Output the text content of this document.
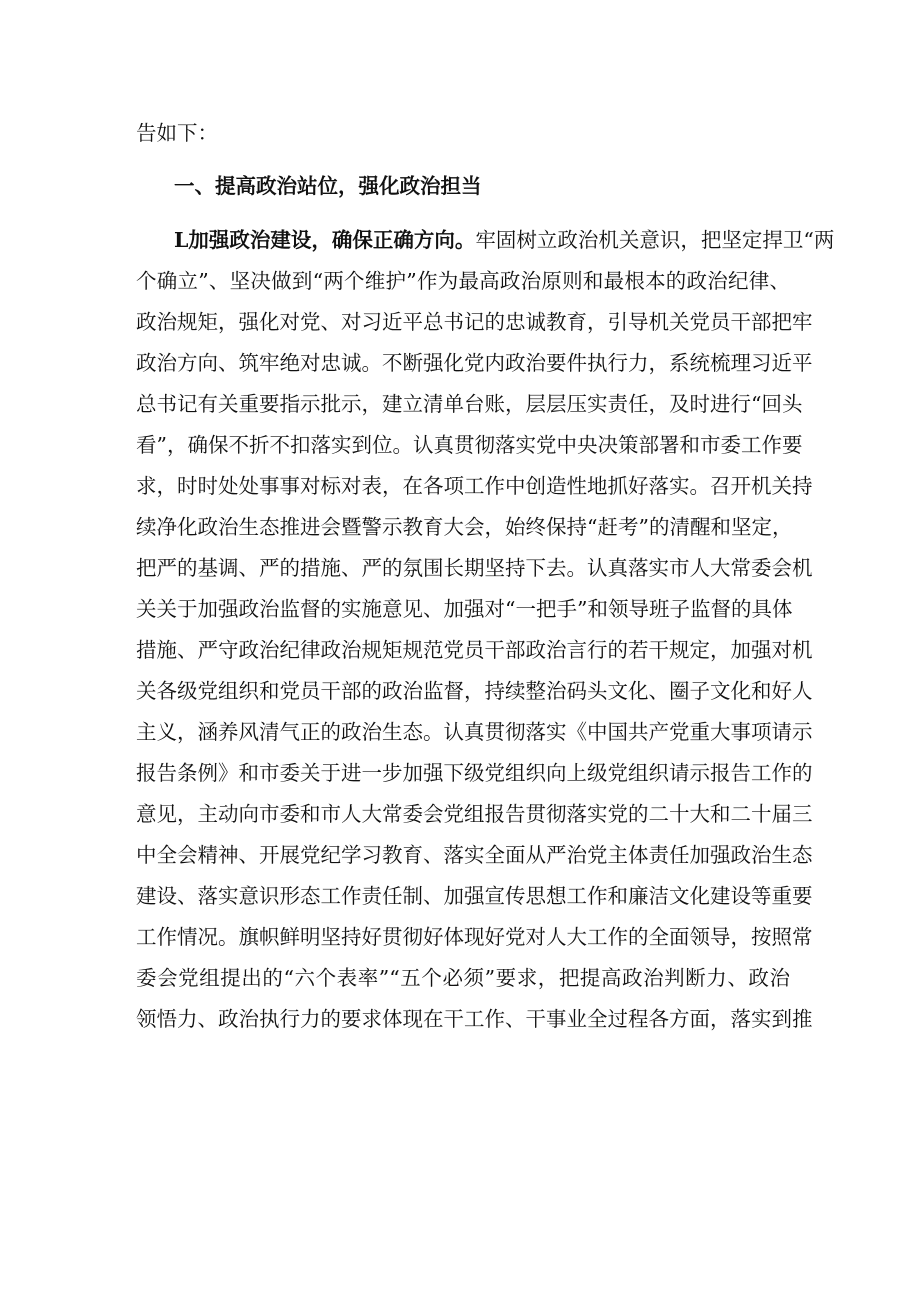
告如下：
一、提高政治站位，强化政治担当
L加强政治建设，确保正确方向。牢固树立政治机关意识，把坚定捍卫“两
个确立”、坚决做到“两个维护”作为最高政治原则和最根本的政治纪律、
政治规矩，强化对党、对习近平总书记的忠诚教育，引导机关党员干部把牢
政治方向、筑牢绝对忠诚。不断强化党内政治要件执行力，系统梳理习近平
总书记有关重要指示批示，建立清单台账，层层压实责任，及时进行“回头
看”，确保不折不扣落实到位。认真贯彻落实党中央决策部署和市委工作要
求，时时处处事事对标对表，在各项工作中创造性地抓好落实。召开机关持
续净化政治生态推进会暨警示教育大会，始终保持“赶考”的清醒和坚定，
把严的基调、严的措施、严的氛围长期坚持下去。认真落实市人大常委会机
关关于加强政治监督的实施意见、加强对“一把手”和领导班子监督的具体
措施、严守政治纪律政治规矩规范党员干部政治言行的若干规定，加强对机
关各级党组织和党员干部的政治监督，持续整治码头文化、圈子文化和好人
主义，涵养风清气正的政治生态。认真贯彻落实《中国共产党重大事项请示
报告条例》和市委关于进一步加强下级党组织向上级党组织请示报告工作的
意见，主动向市委和市人大常委会党组报告贯彻落实党的二十大和二十届三
中全会精神、开展党纪学习教育、落实全面从严治党主体责任加强政治生态
建设、落实意识形态工作责任制、加强宣传思想工作和廉洁文化建设等重要
工作情况。旗帜鲜明坚持好贯彻好体现好党对人大工作的全面领导，按照常
委会党组提出的“六个表率”“五个必须”要求，把提高政治判断力、政治
领悟力、政治执行力的要求体现在干工作、干事业全过程各方面，落实到推
